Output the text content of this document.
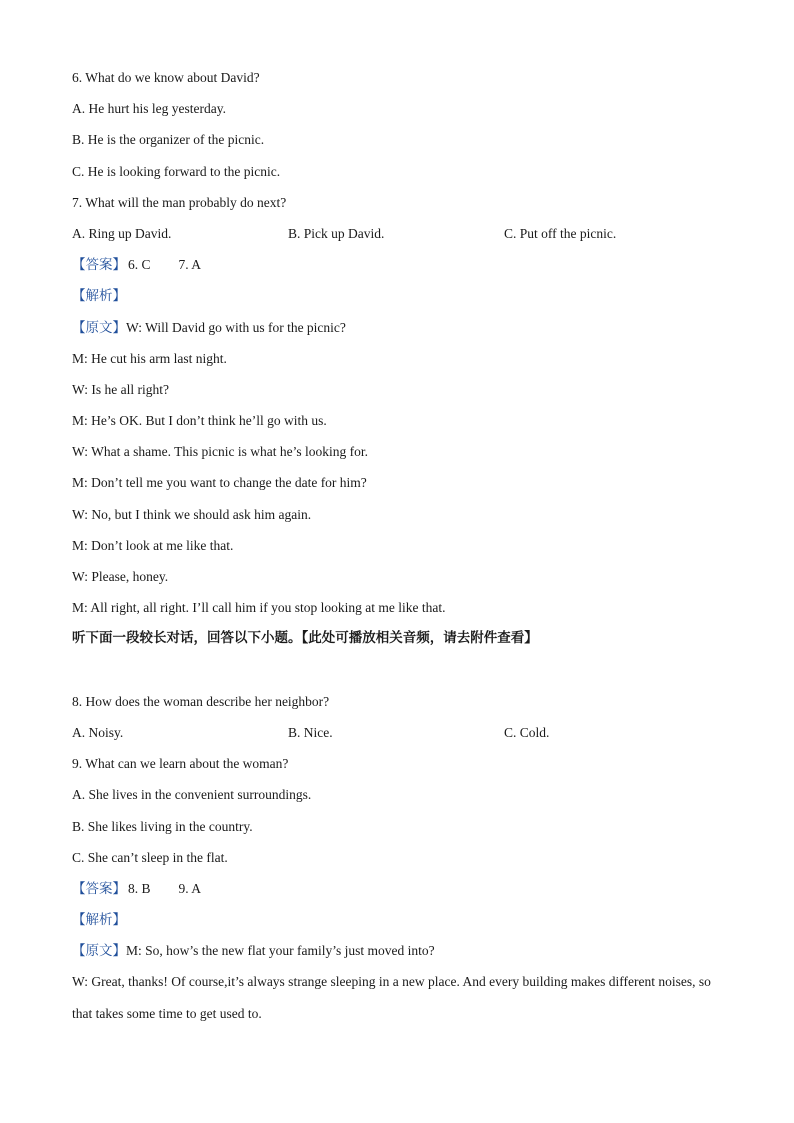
6. What do we know about David?
A. He hurt his leg yesterday.
B. He is the organizer of the picnic.
C. He is looking forward to the picnic.
7. What will the man probably do next?
A. Ring up David.	B. Pick up David.	C. Put off the picnic.
【答案】 6. C 7. A
【解析】
【原文】W: Will David go with us for the picnic?
M: He cut his arm last night.
W: Is he all right?
M: He’s OK. But I don’t think he’ll go with us.
W: What a shame. This picnic is what he’s looking for.
M: Don’t tell me you want to change the date for him?
W: No, but I think we should ask him again.
M: Don’t look at me like that.
W: Please, honey.
M: All right, all right. I’ll call him if you stop looking at me like that.
听下面一段较长对话，回答以下小题。【此处可播放相关音频，请去附件查看】
8. How does the woman describe her neighbor?
A. Noisy.	B. Nice.	C. Cold.
9. What can we learn about the woman?
A. She lives in the convenient surroundings.
B. She likes living in the country.
C. She can’t sleep in the flat.
【答案】 8. B 9. A
【解析】
【原文】M: So, how’s the new flat your family’s just moved into?
W: Great, thanks! Of course,it’s always strange sleeping in a new place. And every building makes different noises, so that takes some time to get used to.
